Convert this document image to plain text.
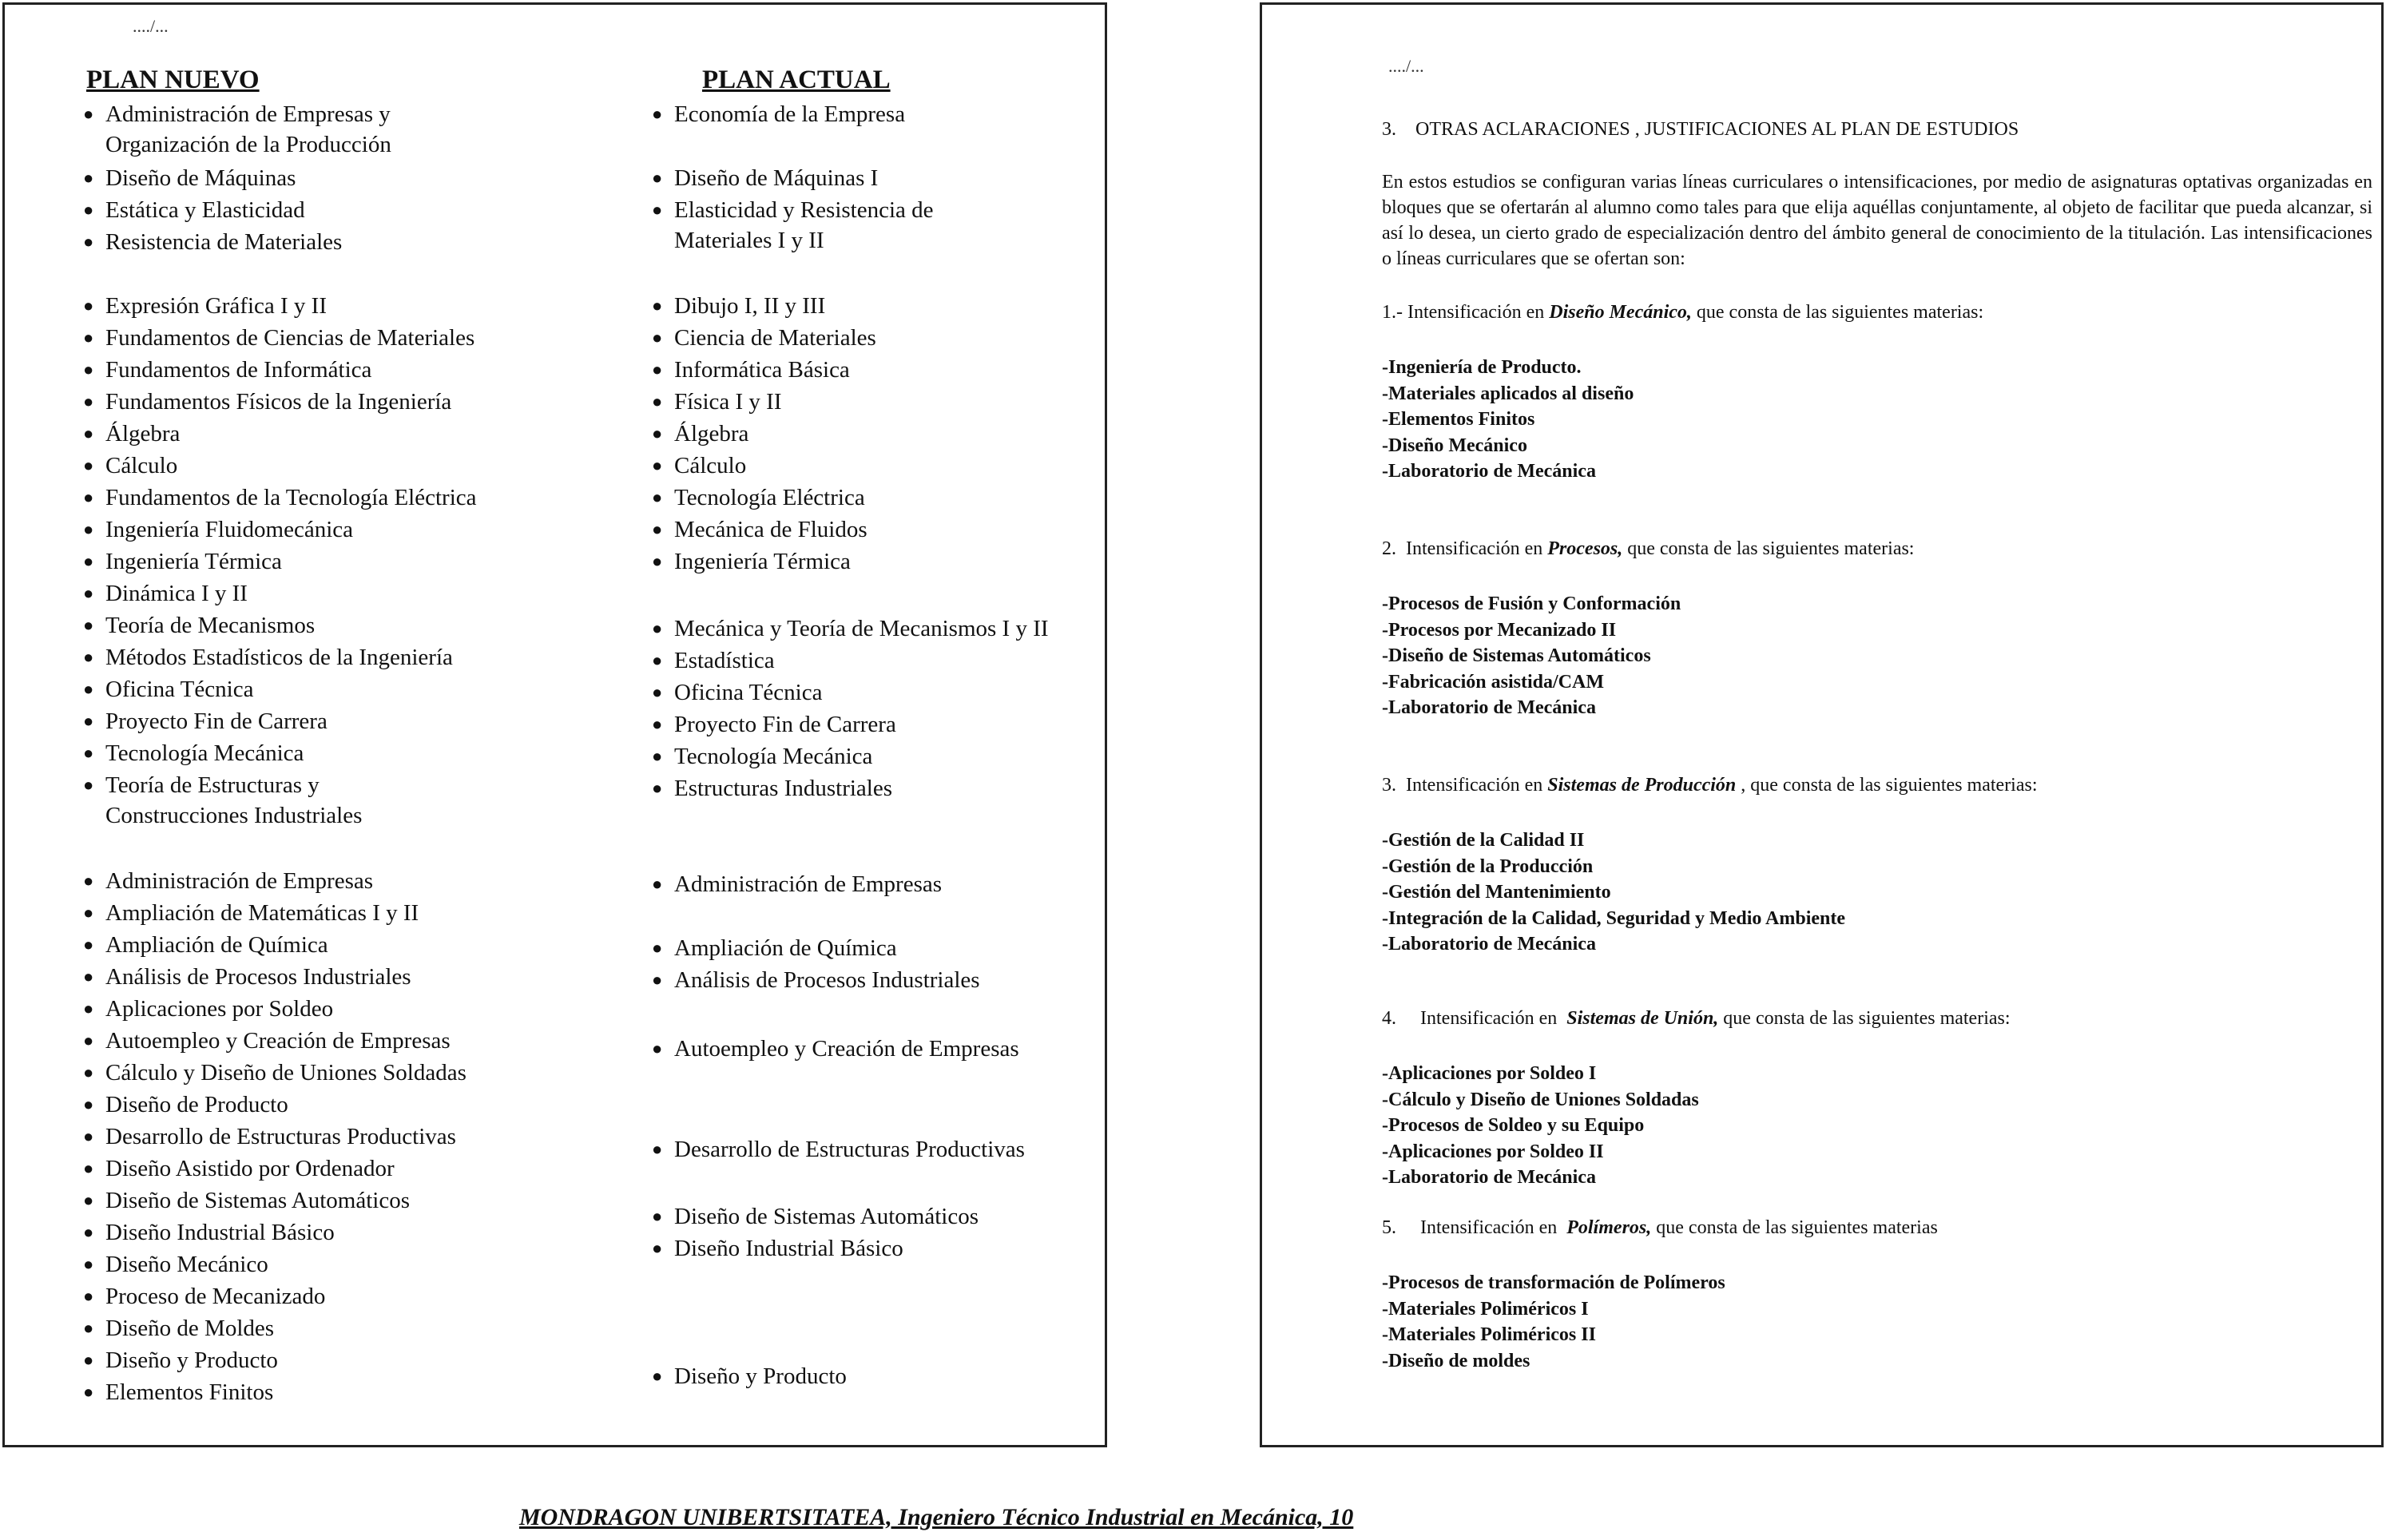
..../...
PLAN NUEVO	PLAN ACTUAL
● Administración de Empresas y
Organización de la Producción
● Diseño de Máquinas
● Estática y Elasticidad
● Resistencia de Materiales
● Expresión Gráfica I y II
● Fundamentos de Ciencias de Materiales
● Fundamentos de Informática
● Fundamentos Físicos de la Ingeniería
● Álgebra
● Cálculo
● Fundamentos de la Tecnología Eléctrica
● Ingeniería Fluidomecánica
● Ingeniería Térmica
● Dinámica I y II
● Teoría de Mecanismos
● Métodos Estadísticos de la Ingeniería
● Oficina Técnica
● Proyecto Fin de Carrera
● Tecnología Mecánica
● Teoría de Estructuras y
Construcciones Industriales
● Administración de Empresas
● Ampliación de Matemáticas I y II
● Ampliación de Química
● Análisis de Procesos Industriales
● Aplicaciones por Soldeo
● Autoempleo y Creación de Empresas
● Cálculo y Diseño de Uniones Soldadas
● Diseño de Producto
● Desarrollo de Estructuras Productivas
● Diseño Asistido por Ordenador
● Diseño de Sistemas Automáticos
● Diseño Industrial Básico
● Diseño Mecánico
● Proceso de Mecanizado
● Diseño de Moldes
● Diseño y Producto
● Elementos Finitos
● Economía de la Empresa
● Diseño de Máquinas I
● Elasticidad y Resistencia de
Materiales I y II
● Dibujo I, II y III
● Ciencia de Materiales
● Informática Básica
● Física I y II
● Álgebra
● Cálculo
● Tecnología Eléctrica
● Mecánica de Fluidos
● Ingeniería Térmica
● Mecánica y Teoría de Mecanismos I y II
● Estadística
● Oficina Técnica
● Proyecto Fin de Carrera
● Tecnología Mecánica
● Estructuras Industriales
● Administración de Empresas
● Ampliación de Química
● Análisis de Procesos Industriales
● Autoempleo y Creación de Empresas
● Desarrollo de Estructuras Productivas
● Diseño de Sistemas Automáticos
● Diseño Industrial Básico
● Diseño y Producto
..../...
3.    OTRAS ACLARACIONES , JUSTIFICACIONES AL PLAN DE ESTUDIOS

En estos estudios se configuran varias líneas curriculares o intensificaciones, por medio de asignaturas optativas organizadas en bloques que se ofertarán al alumno como tales para que elija aquéllas conjuntamente, al objeto de facilitar que pueda alcanzar, si así lo desea, un cierto grado de especialización dentro del ámbito general de conocimiento de la titulación. Las intensificaciones o líneas curriculares que se ofertan son:

1.- Intensificación en Diseño Mecánico, que consta de las siguientes materias:
-Ingeniería de Producto.
-Materiales aplicados al diseño
-Elementos Finitos
-Diseño Mecánico
-Laboratorio de Mecánica
2.  Intensificación en Procesos, que consta de las siguientes materias:
-Procesos de Fusión y Conformación
-Procesos por Mecanizado II
-Diseño de Sistemas Automáticos
-Fabricación asistida/CAM
-Laboratorio de Mecánica
3.  Intensificación en Sistemas de Producción , que consta de las siguientes materias:
-Gestión de la Calidad II
-Gestión de la Producción
-Gestión del Mantenimiento
-Integración de la Calidad, Seguridad y Medio Ambiente
-Laboratorio de Mecánica
4.     Intensificación en  Sistemas de Unión, que consta de las siguientes materias:
-Aplicaciones por Soldeo I
-Cálculo y Diseño de Uniones Soldadas
-Procesos de Soldeo y su Equipo
-Aplicaciones por Soldeo II
-Laboratorio de Mecánica
5.     Intensificación en  Polímeros, que consta de las siguientes materias
-Procesos de transformación de Polímeros
-Materiales Poliméricos I
-Materiales Poliméricos II
-Diseño de moldes
MONDRAGON UNIBERTSITATEA, Ingeniero Técnico Industrial en Mecánica, 10
